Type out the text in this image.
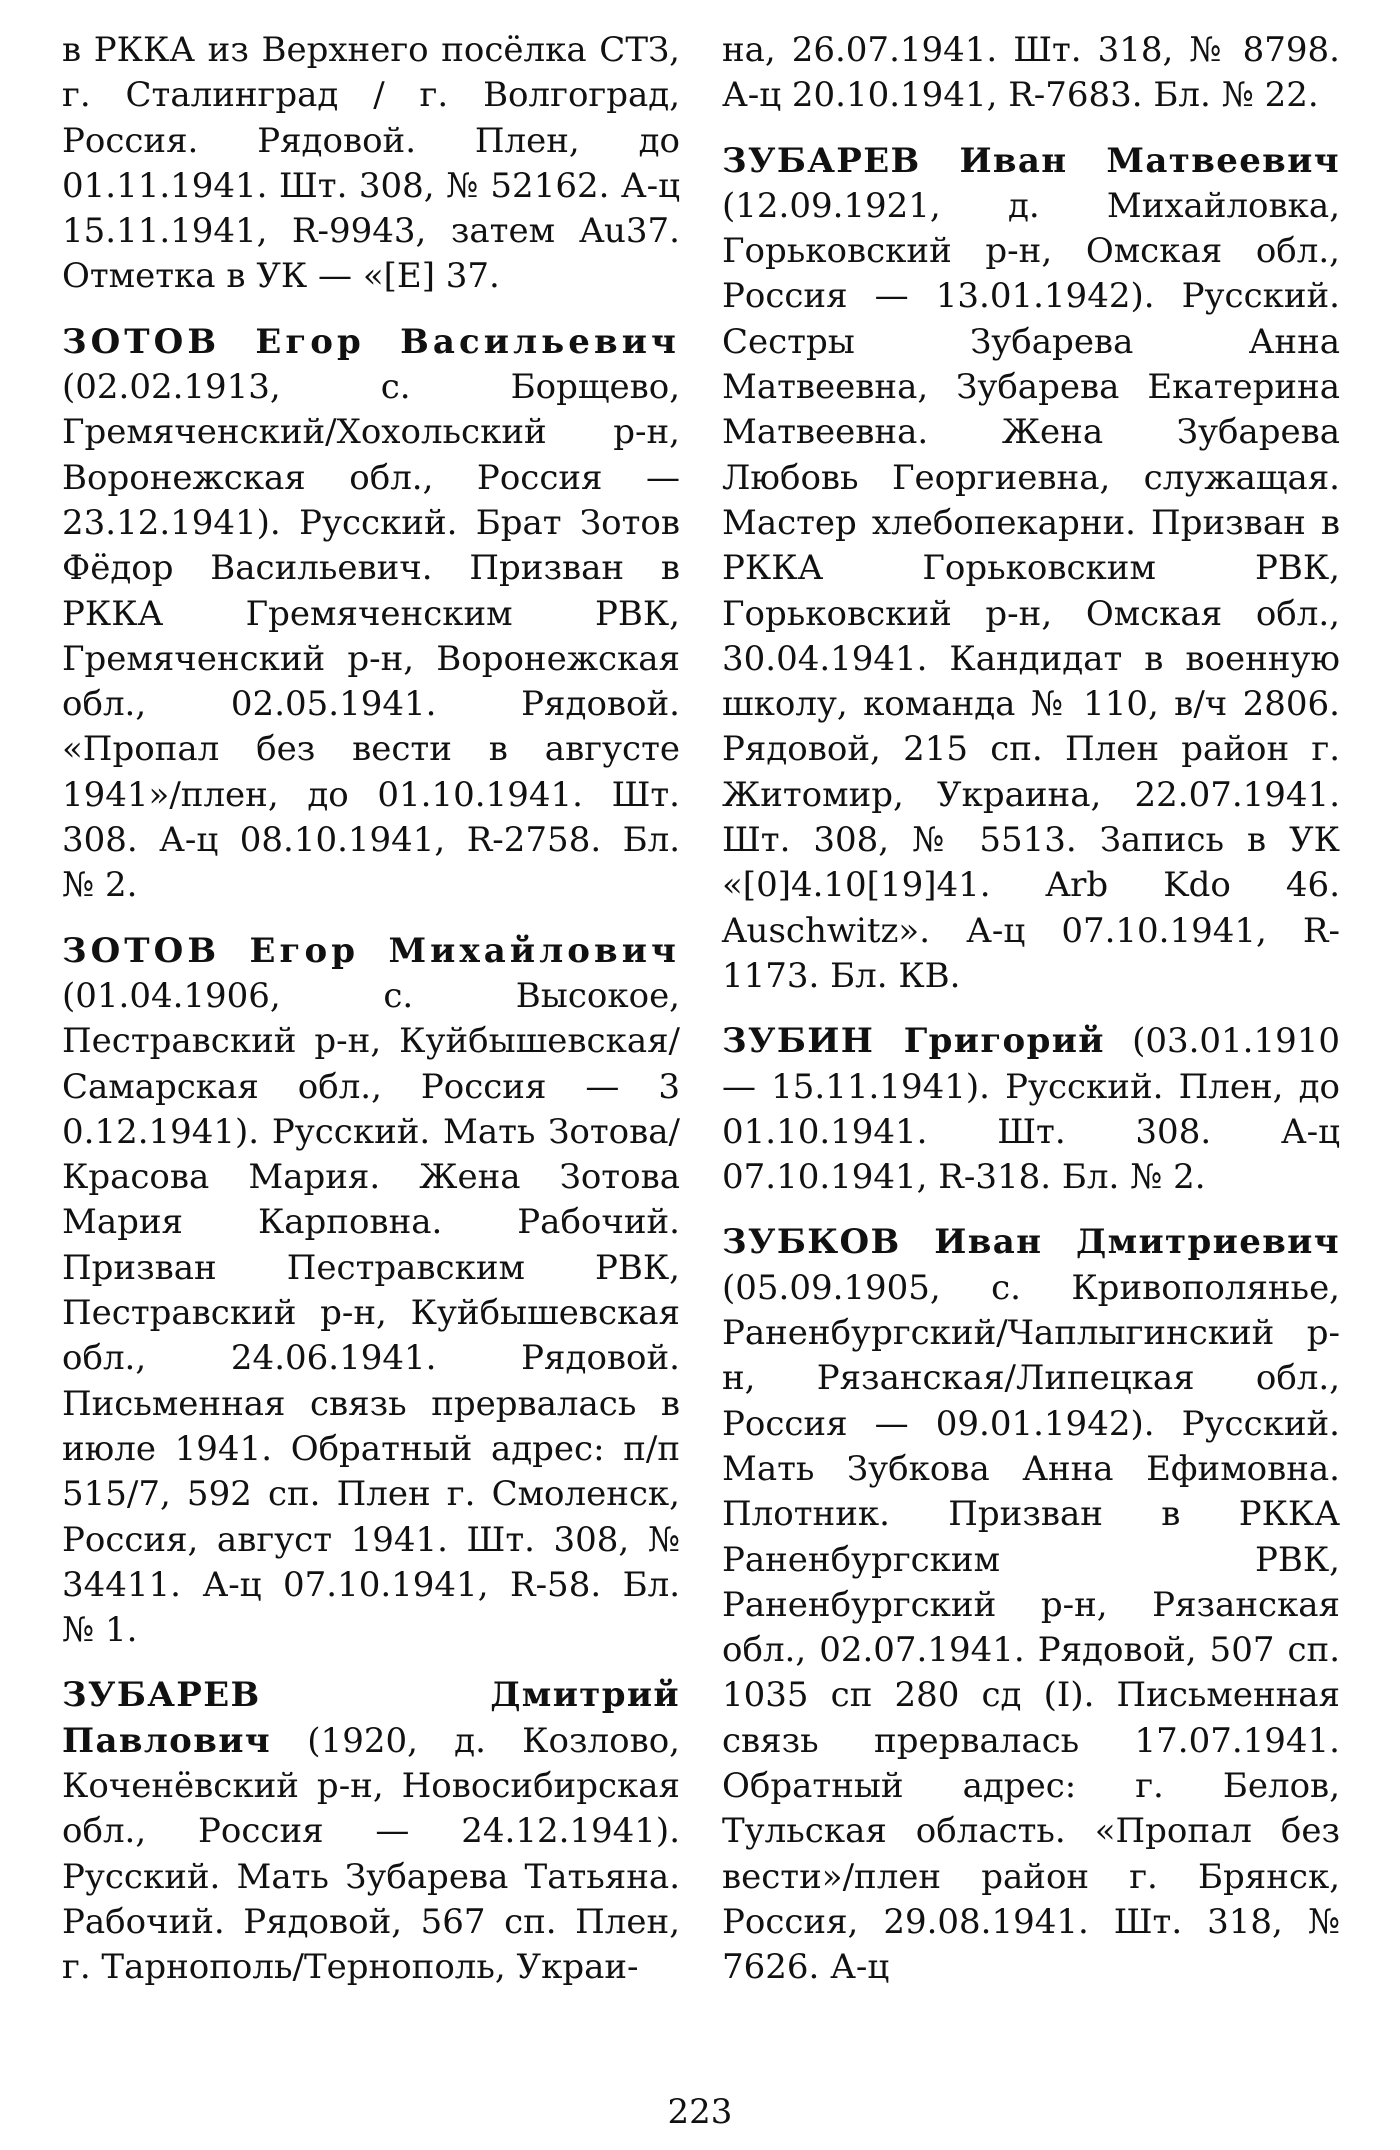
в РККА из Верхнего посёлка СТЗ, г. Сталинград / г. Волгоград, Россия. Рядовой. Плен, до 01.11.1941. Шт. 308, № 52162. А-ц 15.11.1941, R-9943, затем Au37. Отметка в УК — «[Е] 37.

ЗОТОВ Егор Васильевич (02.02.1913, с. Борщево, Гремяченский/Хохольский р-н, Воронежская обл., Россия — 23.12.1941). Русский. Брат Зотов Фёдор Васильевич. Призван в РККА Гремяченским РВК, Гремяченский р-н, Воронежская обл., 02.05.1941. Рядовой. «Пропал без вести в августе 1941»/плен, до 01.10.1941. Шт. 308. А-ц 08.10.1941, R-2758. Бл. № 2.

ЗОТОВ Егор Михайлович (01.04.1906, с. Высокое, Пестравский р-н, Куйбышевская/Самарская обл., Россия — 3 0.12.1941). Русский. Мать Зотова/Красова Мария. Жена Зотова Мария Карповна. Рабочий. Призван Пестравским РВК, Пестравский р-н, Куйбышевская обл., 24.06.1941. Рядовой. Письменная связь прервалась в июле 1941. Обратный адрес: п/п 515/7, 592 сп. Плен г. Смоленск, Россия, август 1941. Шт. 308, № 34411. А-ц 07.10.1941, R-58. Бл. № 1.

ЗУБАРЕВ Дмитрий Павлович (1920, д. Козлово, Коченёвский р-н, Новосибирская обл., Россия — 24.12.1941). Русский. Мать Зубарева Татьяна. Рабочий. Рядовой, 567 сп. Плен, г. Тарнополь/Тернополь, Украи-

на, 26.07.1941. Шт. 318, № 8798. А-ц 20.10.1941, R-7683. Бл. № 22.

ЗУБАРЕВ Иван Матвеевич (12.09.1921, д. Михайловка, Горьковский р-н, Омская обл., Россия — 13.01.1942). Русский. Сестры Зубарева Анна Матвеевна, Зубарева Екатерина Матвеевна. Жена Зубарева Любовь Георгиевна, служащая. Мастер хлебопекарни. Призван в РККА Горьковским РВК, Горьковский р-н, Омская обл., 30.04.1941. Кандидат в военную школу, команда № 110, в/ч 2806. Рядовой, 215 сп. Плен район г. Житомир, Украина, 22.07.1941. Шт. 308, № 5513. Запись в УК «[0]4.10[19]41. Arb Kdo 46. Auschwitz». А-ц 07.10.1941, R-1173. Бл. КВ.

ЗУБИН Григорий (03.01.1910 — 15.11.1941). Русский. Плен, до 01.10.1941. Шт. 308. А-ц 07.10.1941, R-318. Бл. № 2.

ЗУБКОВ Иван Дмитриевич (05.09.1905, с. Кривополянье, Раненбургский/Чаплыгинский р-н, Рязанская/Липецкая обл., Россия — 09.01.1942). Русский. Мать Зубкова Анна Ефимовна. Плотник. Призван в РККА Раненбургским РВК, Раненбургский р-н, Рязанская обл., 02.07.1941. Рядовой, 507 сп. 1035 сп 280 сд (I). Письменная связь прервалась 17.07.1941. Обратный адрес: г. Белов, Тульская область. «Пропал без вести»/плен район г. Брянск, Россия, 29.08.1941. Шт. 318, № 7626. А-ц

223
